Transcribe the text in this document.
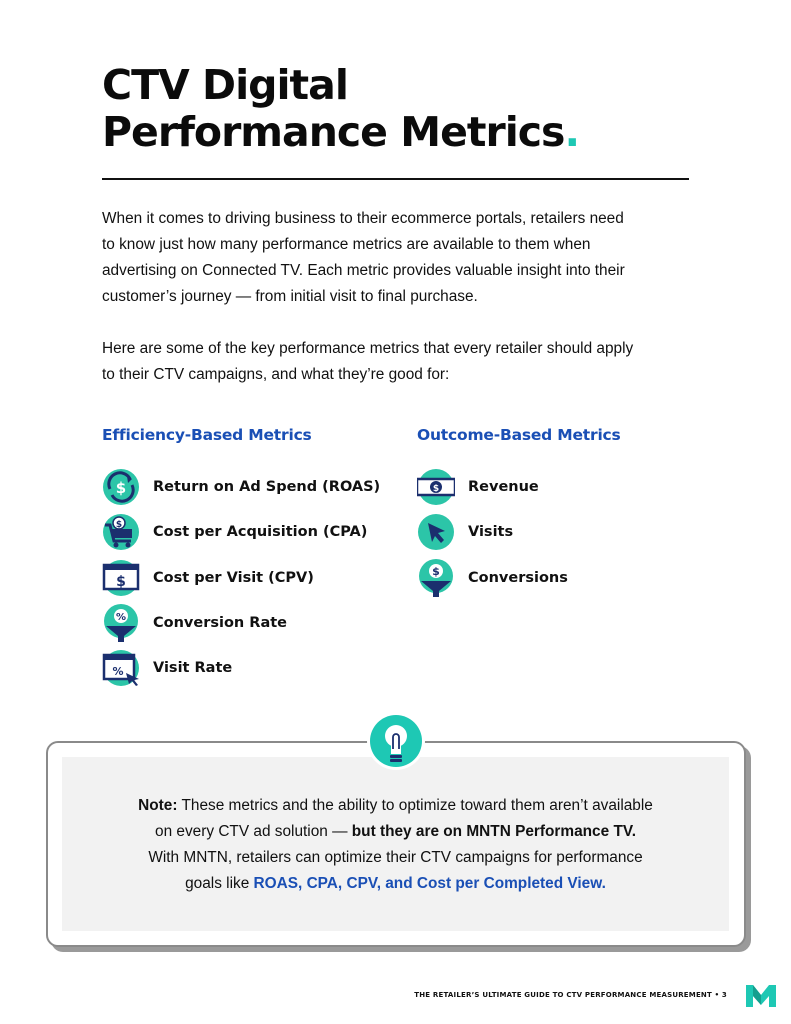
CTV Digital
Performance Metrics.
When it comes to driving business to their ecommerce portals, retailers need
to know just how many performance metrics are available to them when
advertising on Connected TV. Each metric provides valuable insight into their
customer’s journey — from initial visit to final purchase.
Here are some of the key performance metrics that every retailer should apply
to their CTV campaigns, and what they’re good for:
Efficiency-Based Metrics	Outcome-Based Metrics
$ Return on Ad Spend (ROAS)
$ Cost per Acquisition (CPA)
$ Cost per Visit (CPV)
% Conversion Rate
% Visit Rate
$ Revenue
Visits
$ Conversions

Note: These metrics and the ability to optimize toward them aren’t available

on every CTV ad solution — but they are on MNTN Performance TV.

With MNTN, retailers can optimize their CTV campaigns for performance

goals like ROAS, CPA, CPV, and Cost per Completed View.

THE RETAILER’S ULTIMATE GUIDE TO CTV PERFORMANCE MEASUREMENT • 3
